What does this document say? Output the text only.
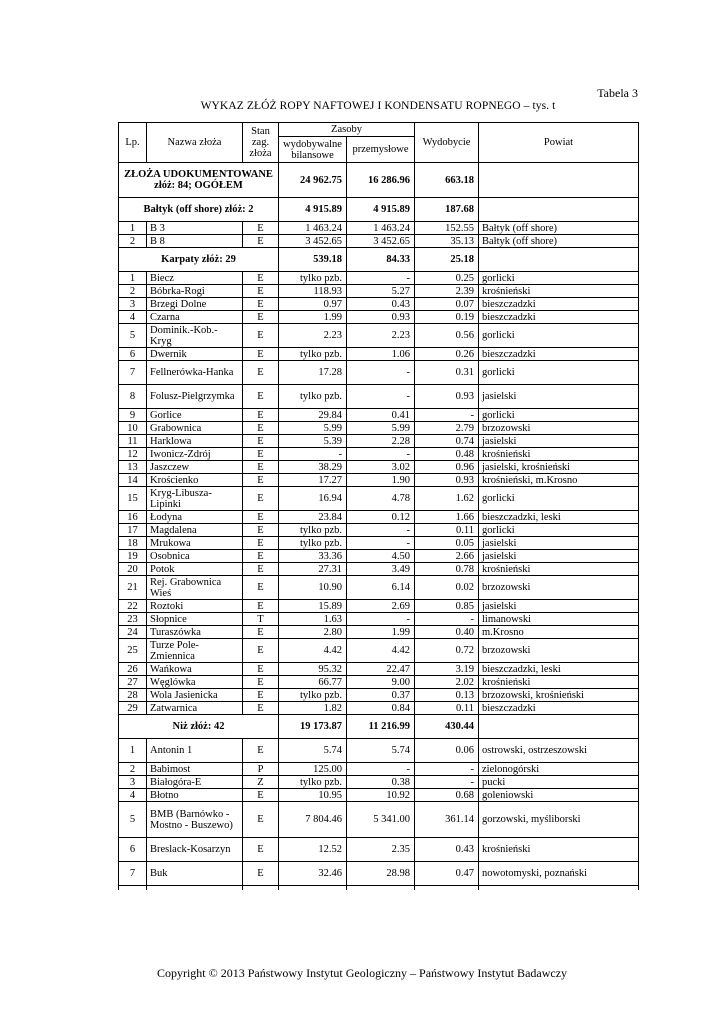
Tabela 3
WYKAZ ZŁÓŻ ROPY NAFTOWEJ I KONDENSATU ROPNEGO – tys. t
Lp.	Nazwa złoża	Stan zag. złoża	Zasoby		Wydobycie	Powiat
			wydobywalne bilansowe	przemysłowe		
ZŁOŻA UDOKUMENTOWANE złóż: 84; OGÓŁEM			24 962.75	16 286.96	663.18	
Bałtyk (off shore) złóż: 2			4 915.89	4 915.89	187.68	
1	B 3	E	1 463.24	1 463.24	152.55	Bałtyk (off shore)
2	B 8	E	3 452.65	3 452.65	35.13	Bałtyk (off shore)
Karpaty złóż: 29			539.18	84.33	25.18	
1	Biecz	E	tylko pzb.	-	0.25	gorlicki
2	Bóbrka-Rogi	E	118.93	5.27	2.39	krośnieński
3	Brzegi Dolne	E	0.97	0.43	0.07	bieszczadzki
4	Czarna	E	1.99	0.93	0.19	bieszczadzki
5	Dominik.-Kob.-Kryg	E	2.23	2.23	0.56	gorlicki
6	Dwernik	E	tylko pzb.	1.06	0.26	bieszczadzki
7	Fellnerówka-Hanka	E	17.28	-	0.31	gorlicki
8	Folusz-Pielgrzymka	E	tylko pzb.	-	0.93	jasielski
9	Gorlice	E	29.84	0.41	-	gorlicki
10	Grabownica	E	5.99	5.99	2.79	brzozowski
11	Harklowa	E	5.39	2.28	0.74	jasielski
12	Iwonicz-Zdrój	E	-	-	0.48	krośnieński
13	Jaszczew	E	38.29	3.02	0.96	jasielski, krośnieński
14	Krościenko	E	17.27	1.90	0.93	krośnieński, m.Krosno
15	Kryg-Libusza-Lipinki	E	16.94	4.78	1.62	gorlicki
16	Łodyna	E	23.84	0.12	1.66	bieszczadzki, leski
17	Magdalena	E	tylko pzb.	-	0.11	gorlicki
18	Mrukowa	E	tylko pzb.	-	0.05	jasielski
19	Osobnica	E	33.36	4.50	2.66	jasielski
20	Potok	E	27.31	3.49	0.78	krośnieński
21	Rej. Grabownica Wieś	E	10.90	6.14	0.02	brzozowski
22	Roztoki	E	15.89	2.69	0.85	jasielski
23	Słopnice	T	1.63	-	-	limanowski
24	Turaszówka	E	2.80	1.99	0.40	m.Krosno
25	Turze Pole-Zmiennica	E	4.42	4.42	0.72	brzozowski
26	Wańkowa	E	95.32	22.47	3.19	bieszczadzki, leski
27	Węglówka	E	66.77	9.00	2.02	krośnieński
28	Wola Jasienicka	E	tylko pzb.	0.37	0.13	brzozowski, krośnieński
29	Zatwarnica	E	1.82	0.84	0.11	bieszczadzki
Niż złóż: 42			19 173.87	11 216.99	430.44	
1	Antonin 1	E	5.74	5.74	0.06	ostrowski, ostrzeszowski
2	Babimost	P	125.00	-	-	zielonogórski
3	Białogóra-E	Z	tylko pzb.	0.38	-	pucki
4	Błotno	E	10.95	10.92	0.68	goleniowski
5	BMB (Barnówko - Mostno - Buszewo)	E	7 804.46	5 341.00	361.14	gorzowski, myśliborski
6	Breslack-Kosarzyn	E	12.52	2.35	0.43	krośnieński
7	Buk	E	32.46	28.98	0.47	nowotomyski, poznański

Copyright © 2013 Państwowy Instytut Geologiczny – Państwowy Instytut Badawczy
